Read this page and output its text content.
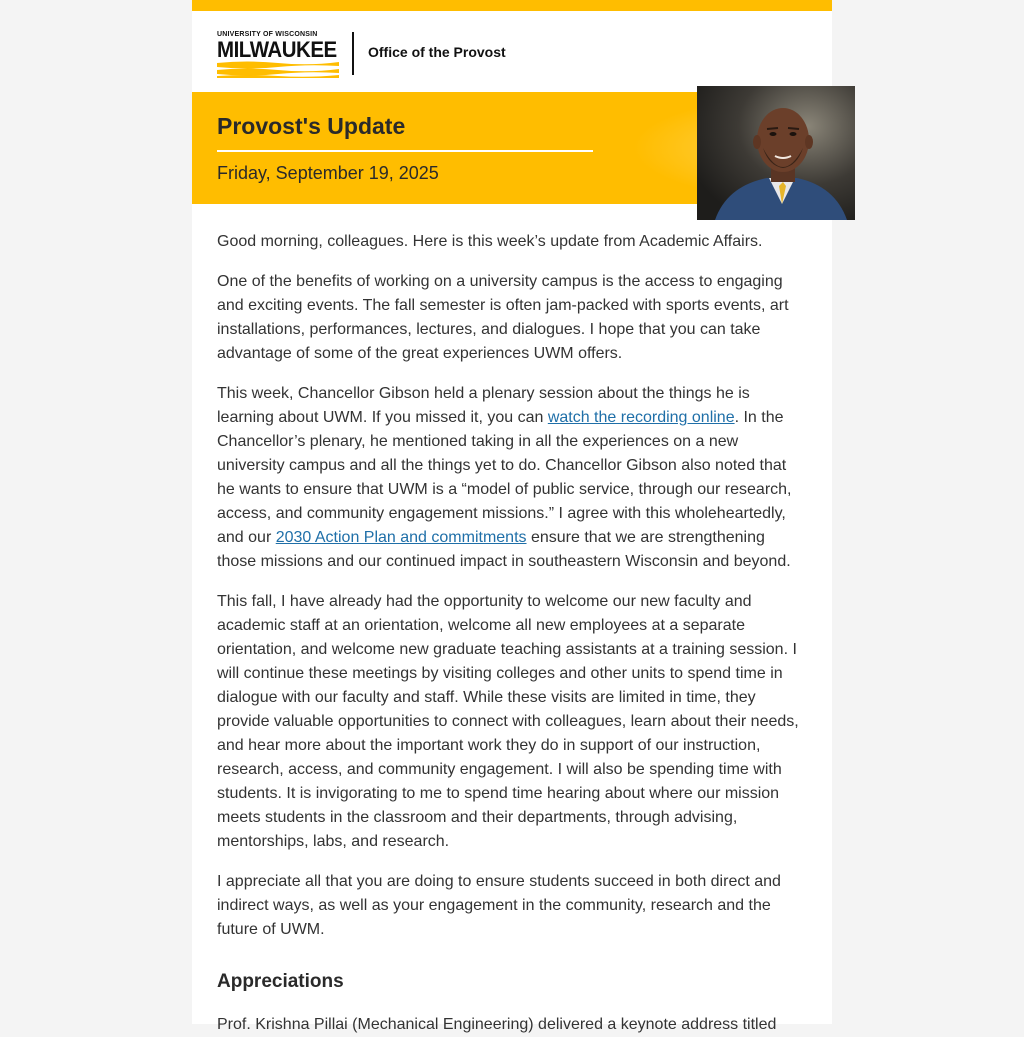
UNIVERSITY OF WISCONSIN
MILWAUKEE Office of the Provost
Provost's Update
Friday, September 19, 2025

Good morning, colleagues. Here is this week’s update from Academic Affairs.

One of the benefits of working on a university campus is the access to engaging and exciting events. The fall semester is often jam-packed with sports events, art installations, performances, lectures, and dialogues. I hope that you can take advantage of some of the great experiences UWM offers.

This week, Chancellor Gibson held a plenary session about the things he is learning about UWM. If you missed it, you can watch the recording online. In the Chancellor’s plenary, he mentioned taking in all the experiences on a new university campus and all the things yet to do. Chancellor Gibson also noted that he wants to ensure that UWM is a “model of public service, through our research, access, and community engagement missions.” I agree with this wholeheartedly, and our 2030 Action Plan and commitments ensure that we are strengthening those missions and our continued impact in southeastern Wisconsin and beyond.

This fall, I have already had the opportunity to welcome our new faculty and academic staff at an orientation, welcome all new employees at a separate orientation, and welcome new graduate teaching assistants at a training session. I will continue these meetings by visiting colleges and other units to spend time in dialogue with our faculty and staff. While these visits are limited in time, they provide valuable opportunities to connect with colleagues, learn about their needs, and hear more about the important work they do in support of our instruction, research, access, and community engagement. I will also be spending time with students. It is invigorating to me to spend time hearing about where our mission meets students in the classroom and their departments, through advising, mentorships, labs, and research.

I appreciate all that you are doing to ensure students succeed in both direct and indirect ways, as well as your engagement in the community, research and the future of UWM.

Appreciations

Prof. Krishna Pillai (Mechanical Engineering) delivered a keynote address titled
